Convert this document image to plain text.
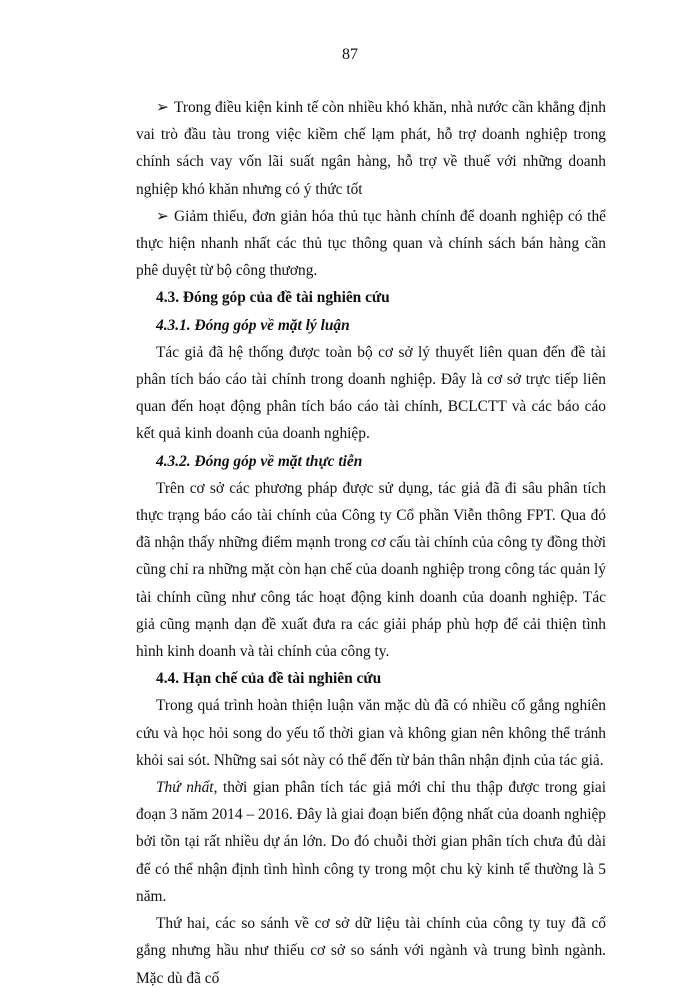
87

➢ Trong điều kiện kinh tế còn nhiều khó khăn, nhà nước cần khẳng định vai trò đầu tàu trong việc kiềm chế lạm phát, hỗ trợ doanh nghiệp trong chính sách vay vốn lãi suất ngân hàng, hỗ trợ về thuế với những doanh nghiệp khó khăn nhưng có ý thức tốt

➢ Giảm thiểu, đơn giản hóa thủ tục hành chính để doanh nghiệp có thể thực hiện nhanh nhất các thủ tục thông quan và chính sách bán hàng cần phê duyệt từ bộ công thương.

4.3. Đóng góp của đề tài nghiên cứu

4.3.1. Đóng góp về mặt lý luận

Tác giả đã hệ thống được toàn bộ cơ sở lý thuyết liên quan đến đề tài phân tích báo cáo tài chính trong doanh nghiệp. Đây là cơ sở trực tiếp liên quan đến hoạt động phân tích báo cáo tài chính, BCLCTT và các báo cáo kết quả kinh doanh của doanh nghiệp.

4.3.2. Đóng góp về mặt thực tiễn

Trên cơ sở các phương pháp được sử dụng, tác giả đã đi sâu phân tích thực trạng báo cáo tài chính của Công ty Cổ phần Viễn thông FPT. Qua đó đã nhận thấy những điểm mạnh trong cơ cấu tài chính của công ty đồng thời cũng chỉ ra những mặt còn hạn chế của doanh nghiệp trong công tác quản lý tài chính cũng như công tác hoạt động kinh doanh của doanh nghiệp. Tác giả cũng mạnh dạn đề xuất đưa ra các giải pháp phù hợp để cải thiện tình hình kinh doanh và tài chính của công ty.

4.4. Hạn chế của đề tài nghiên cứu

Trong quá trình hoàn thiện luận văn mặc dù đã có nhiều cố gắng nghiên cứu và học hỏi song do yếu tố thời gian và không gian nên không thể tránh khỏi sai sót. Những sai sót này có thể đến từ bản thân nhận định của tác giả.

Thứ nhất, thời gian phân tích tác giả mới chỉ thu thập được trong giai đoạn 3 năm 2014 – 2016. Đây là giai đoạn biến động nhất của doanh nghiệp bởi tồn tại rất nhiều dự án lớn. Do đó chuỗi thời gian phân tích chưa đủ dài để có thể nhận định tình hình công ty trong một chu kỳ kinh tế thường là 5 năm.

Thứ hai, các so sánh về cơ sở dữ liệu tài chính của công ty tuy đã cố gắng nhưng hầu như thiếu cơ sở so sánh với ngành và trung bình ngành. Mặc dù đã cố
